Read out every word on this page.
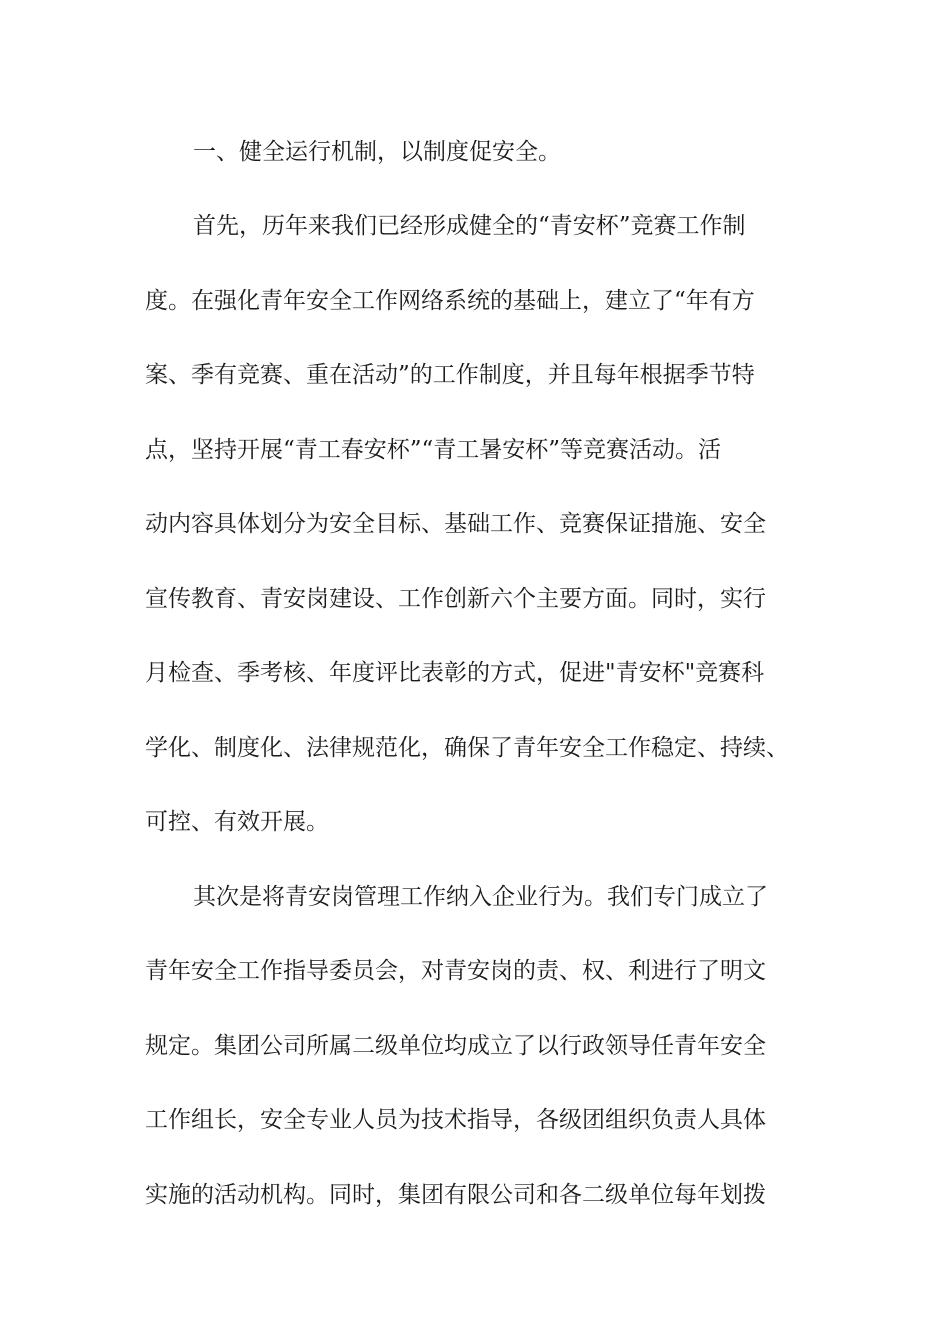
一、健全运行机制，以制度促安全。
首先，历年来我们已经形成健全的“青安杯”竞赛工作制
度。在强化青年安全工作网络系统的基础上，建立了“年有方
案、季有竞赛、重在活动”的工作制度，并且每年根据季节特
点，坚持开展“青工春安杯”“青工暑安杯”等竞赛活动。活
动内容具体划分为安全目标、基础工作、竞赛保证措施、安全
宣传教育、青安岗建设、工作创新六个主要方面。同时，实行
月检查、季考核、年度评比表彰的方式，促进"青安杯"竞赛科
学化、制度化、法律规范化，确保了青年安全工作稳定、持续、
可控、有效开展。
其次是将青安岗管理工作纳入企业行为。我们专门成立了
青年安全工作指导委员会，对青安岗的责、权、利进行了明文
规定。集团公司所属二级单位均成立了以行政领导任青年安全
工作组长，安全专业人员为技术指导，各级团组织负责人具体
实施的活动机构。同时，集团有限公司和各二级单位每年划拨
